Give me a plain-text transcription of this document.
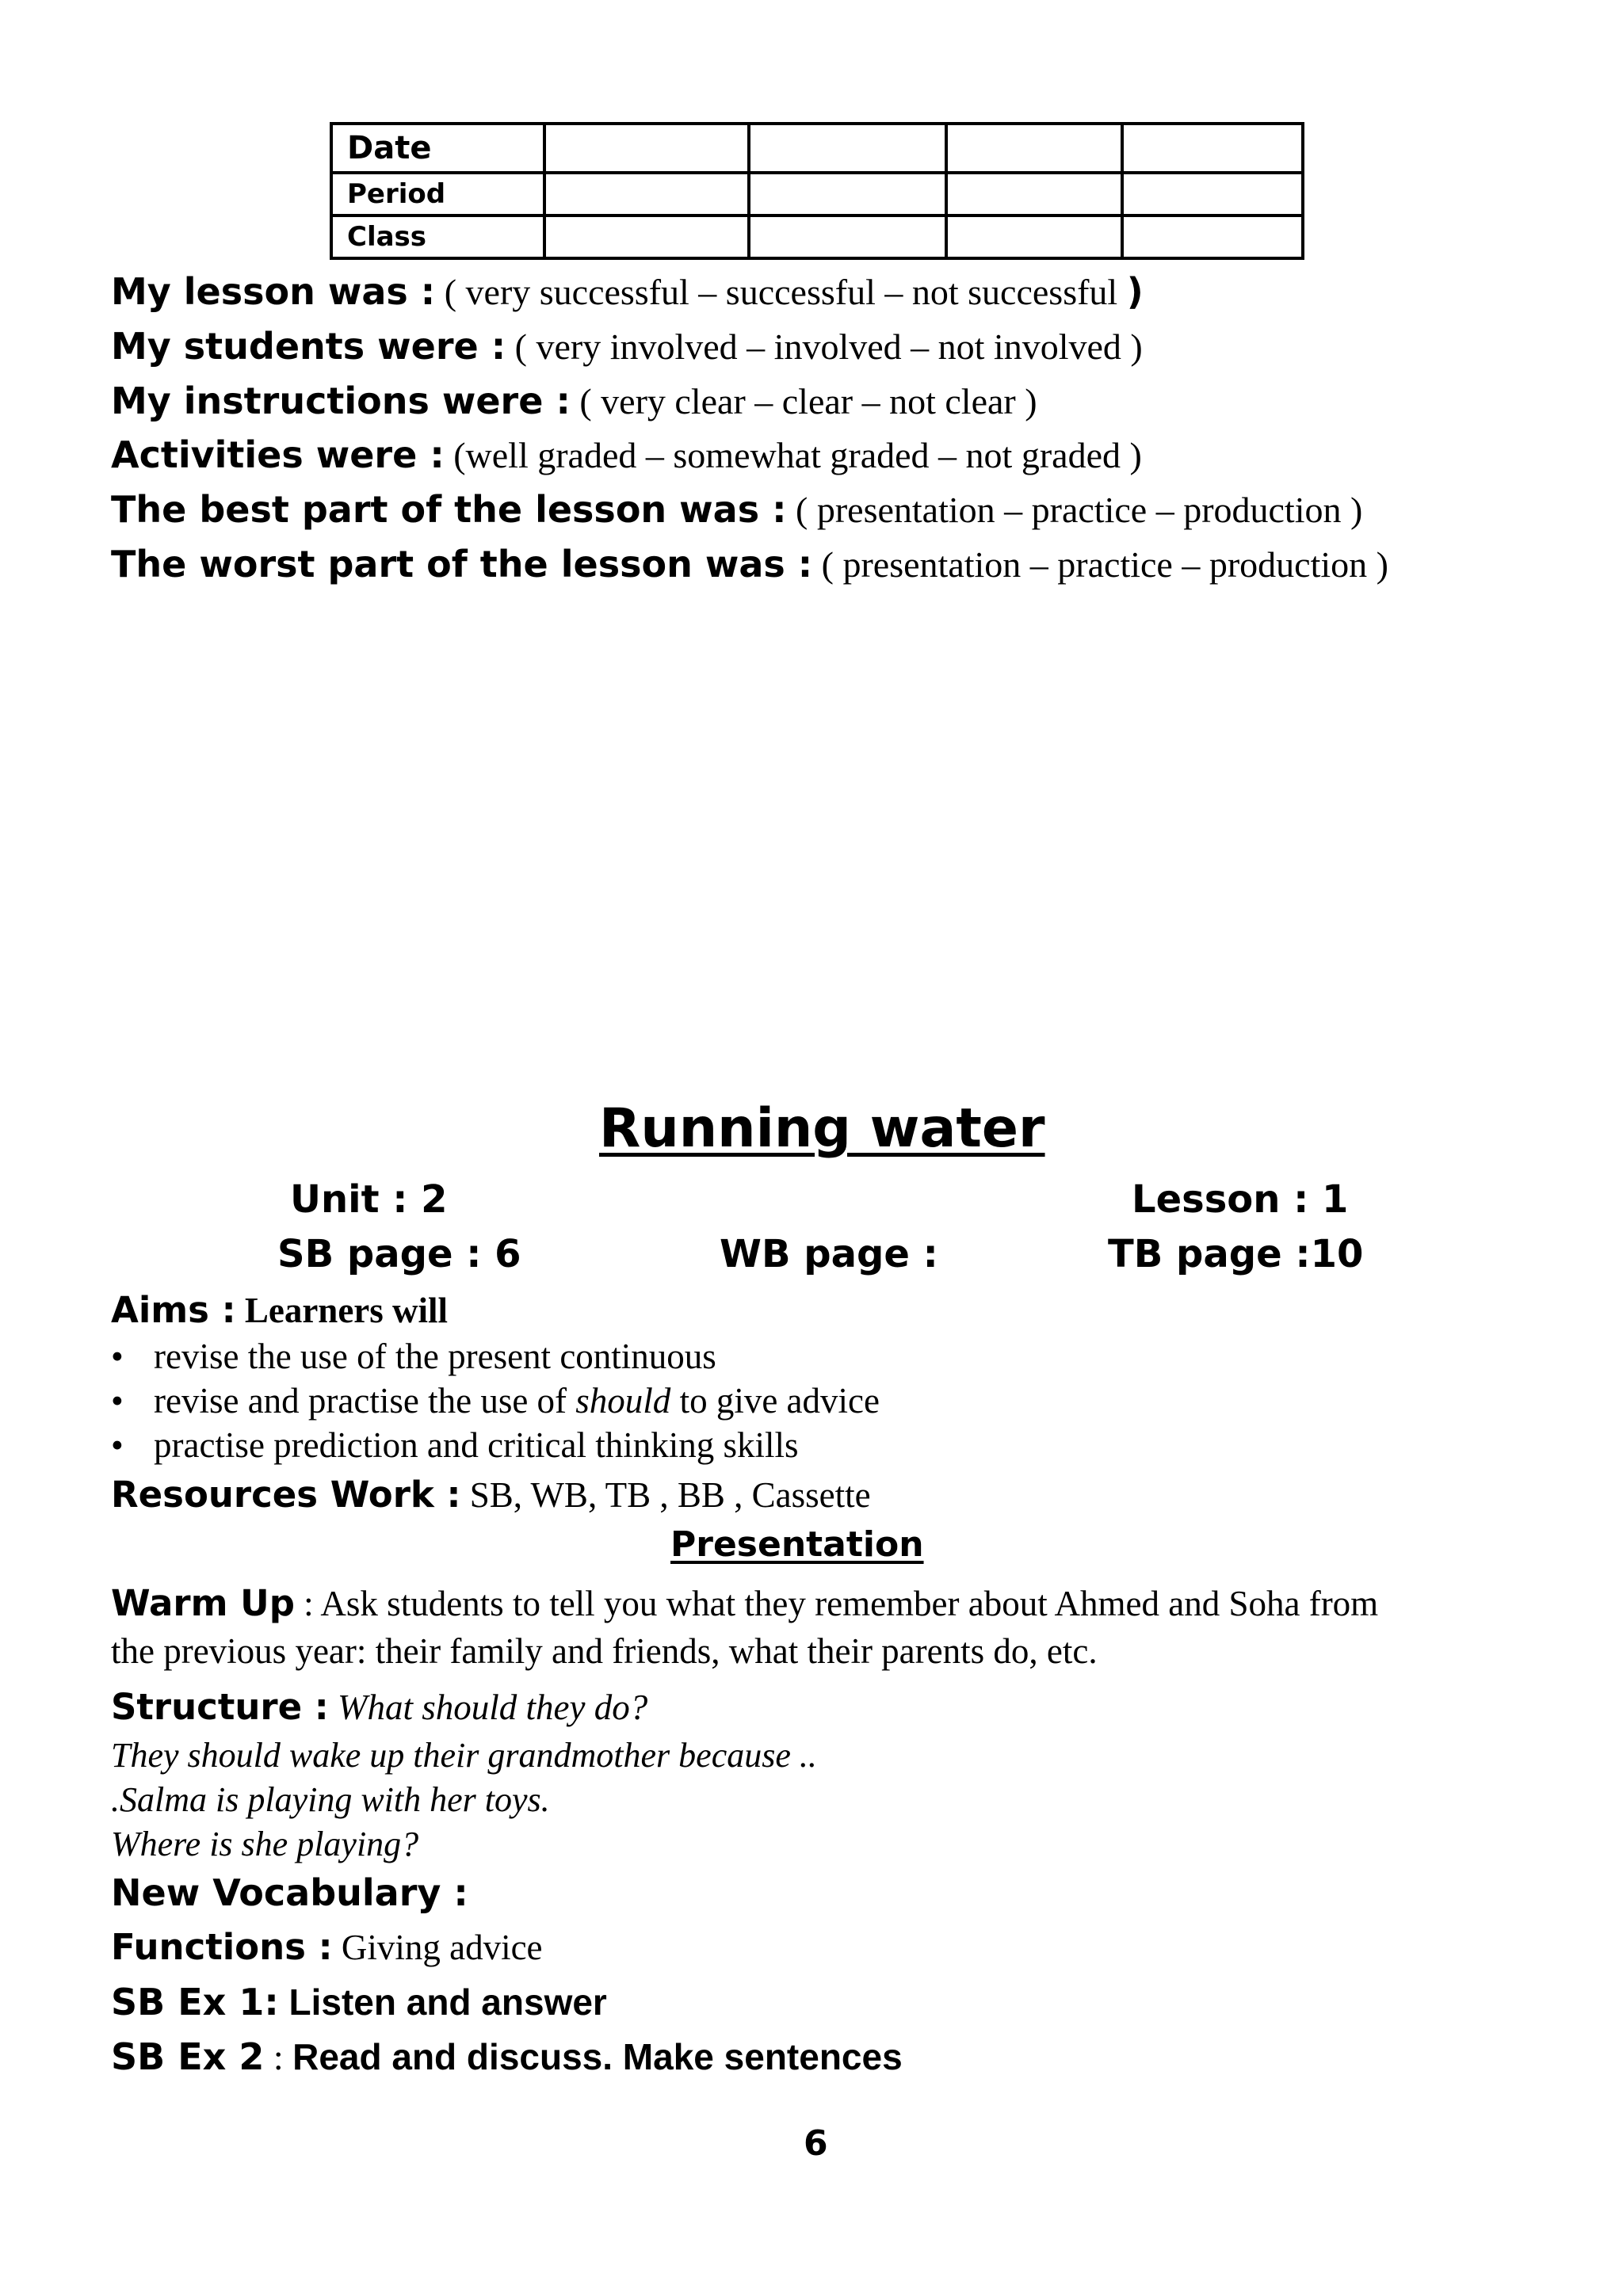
Date				
Period				
Class				
My lesson was : ( very successful – successful – not successful )
My students were : ( very involved – involved – not involved )
My instructions were : ( very clear – clear – not clear )
Activities were : (well graded – somewhat graded – not graded )
The best part of the lesson was : ( presentation – practice – production )
The worst part of the lesson was : ( presentation – practice – production )
Running water
Unit : 2	Lesson : 1
SB page : 6	WB page :	TB page :10
Aims : Learners will
• revise the use of the present continuous
• revise and practise the use of should to give advice
• practise prediction and critical thinking skills
Resources Work : SB, WB, TB , BB , Cassette
Presentation
Warm Up : Ask students to tell you what they remember about Ahmed and Soha from
the previous year: their family and friends, what their parents do, etc.
Structure : What should they do?
They should wake up their grandmother because ..
.Salma is playing with her toys.
Where is she playing?
New Vocabulary :
Functions : Giving advice
SB Ex 1: Listen and answer
SB Ex 2 : Read and discuss. Make sentences
6
